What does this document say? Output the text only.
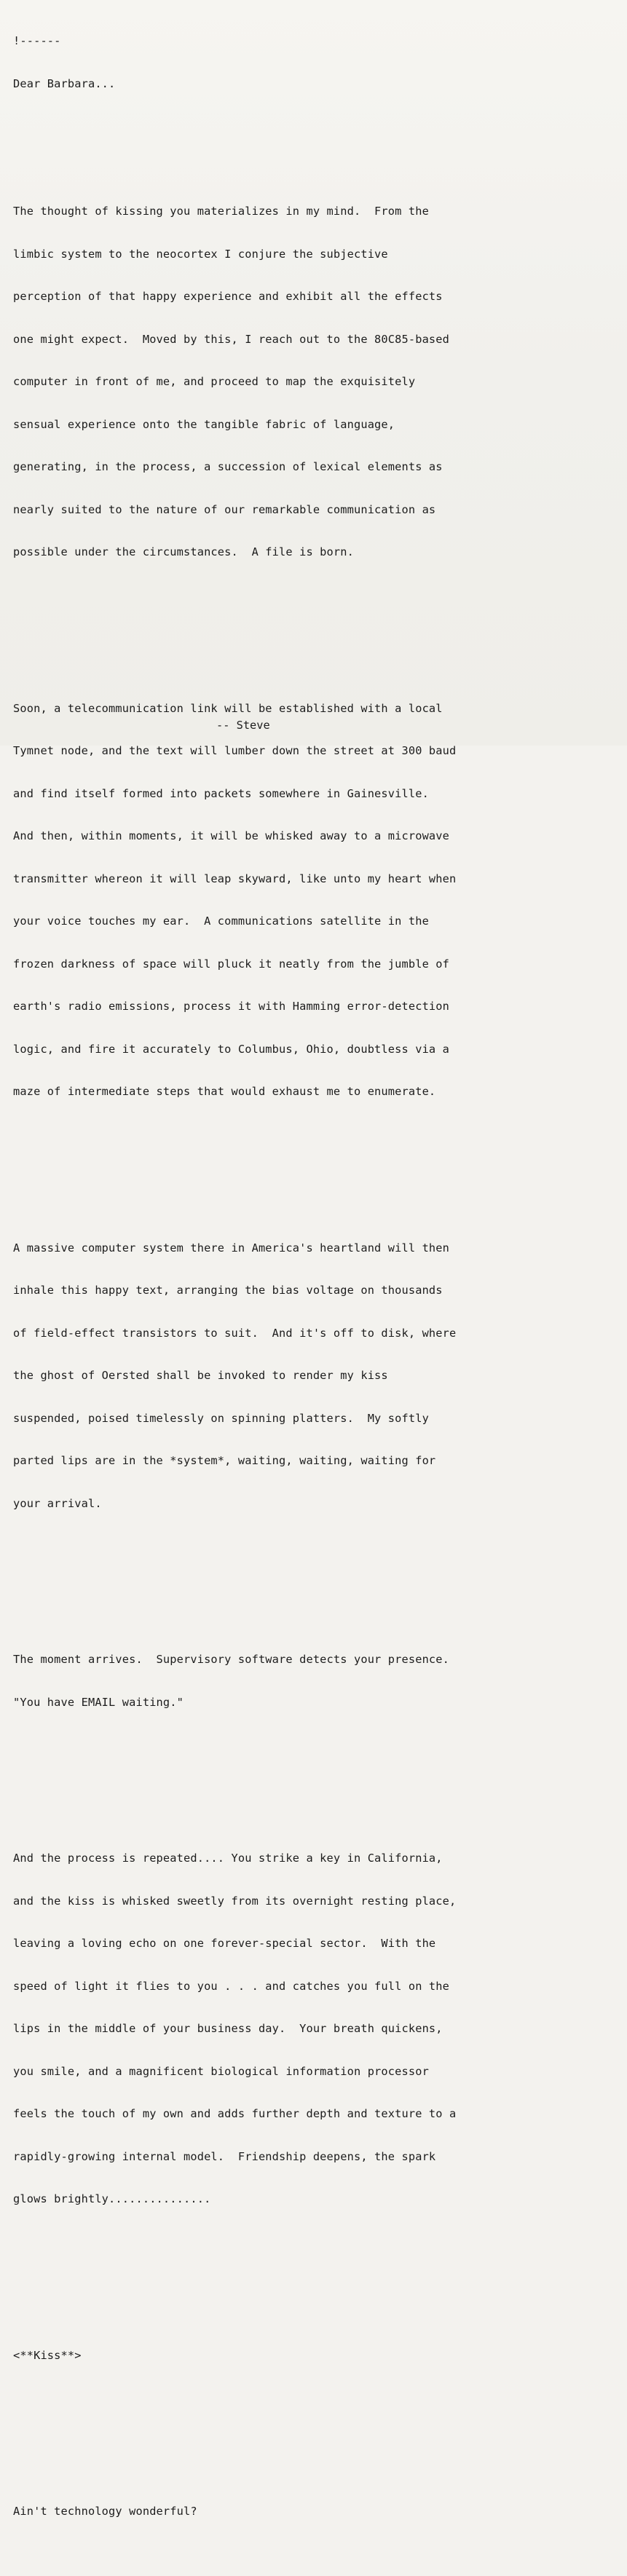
!------

Dear Barbara...

The thought of kissing you materializes in my mind.  From the

limbic system to the neocortex I conjure the subjective

perception of that happy experience and exhibit all the effects

one might expect.  Moved by this, I reach out to the 80C85-based

computer in front of me, and proceed to map the exquisitely

sensual experience onto the tangible fabric of language,

generating, in the process, a succession of lexical elements as

nearly suited to the nature of our remarkable communication as

possible under the circumstances.  A file is born.

Soon, a telecommunication link will be established with a local

Tymnet node, and the text will lumber down the street at 300 baud

and find itself formed into packets somewhere in Gainesville.

And then, within moments, it will be whisked away to a microwave

transmitter whereon it will leap skyward, like unto my heart when

your voice touches my ear.  A communications satellite in the

frozen darkness of space will pluck it neatly from the jumble of

earth's radio emissions, process it with Hamming error-detection

logic, and fire it accurately to Columbus, Ohio, doubtless via a

maze of intermediate steps that would exhaust me to enumerate.

A massive computer system there in America's heartland will then

inhale this happy text, arranging the bias voltage on thousands

of field-effect transistors to suit.  And it's off to disk, where

the ghost of Oersted shall be invoked to render my kiss

suspended, poised timelessly on spinning platters.  My softly

parted lips are in the *system*, waiting, waiting, waiting for

your arrival.

The moment arrives.  Supervisory software detects your presence.

"You have EMAIL waiting."

And the process is repeated.... You strike a key in California,

and the kiss is whisked sweetly from its overnight resting place,

leaving a loving echo on one forever-special sector.  With the

speed of light it flies to you . . . and catches you full on the

lips in the middle of your business day.  Your breath quickens,

you smile, and a magnificent biological information processor

feels the touch of my own and adds further depth and texture to a

rapidly-growing internal model.  Friendship deepens, the spark

glows brightly...............

<**Kiss**>

Ain't technology wonderful?

-- Steve
